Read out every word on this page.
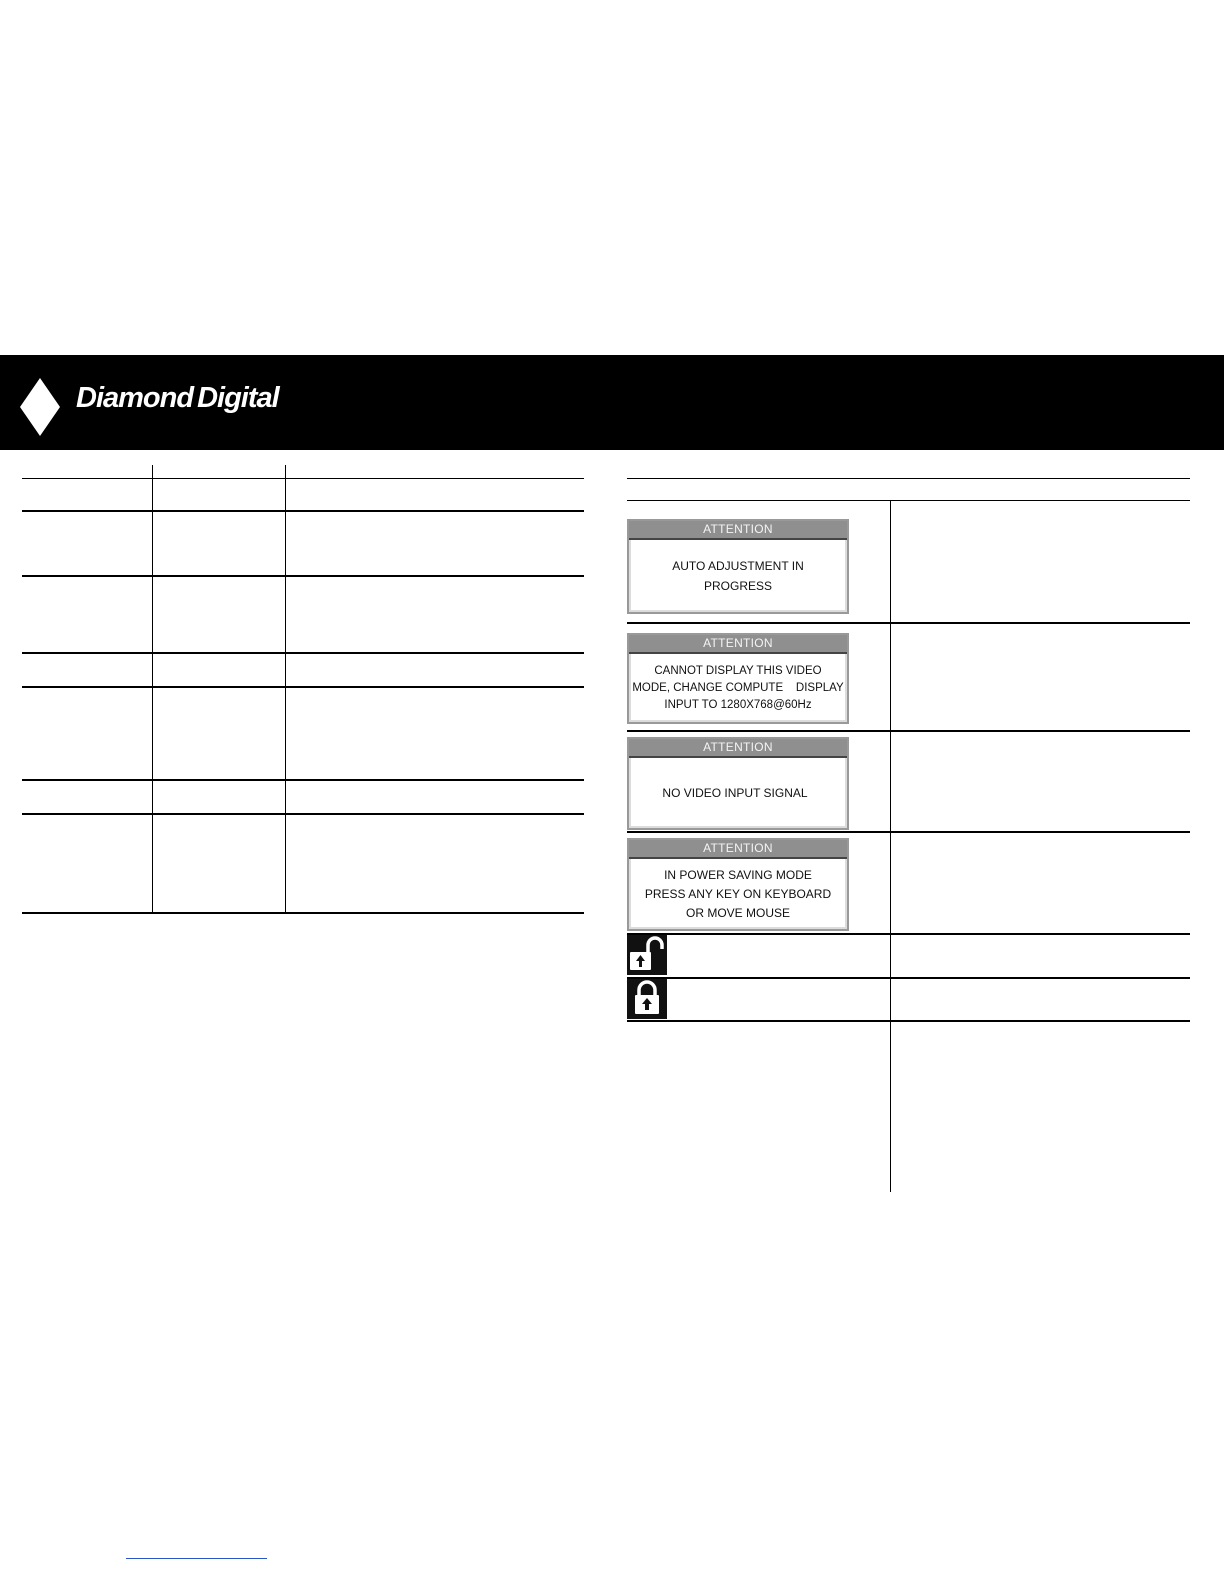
Diamond Digital
ATTENTION
AUTO ADJUSTMENT IN
PROGRESS
ATTENTION
CANNOT DISPLAY THIS VIDEO
MODE, CHANGE COMPUTE    DISPLAY
INPUT TO 1280X768@60Hz
ATTENTION
NO VIDEO INPUT SIGNAL
ATTENTION
IN POWER SAVING MODE
PRESS ANY KEY ON KEYBOARD
OR MOVE MOUSE
